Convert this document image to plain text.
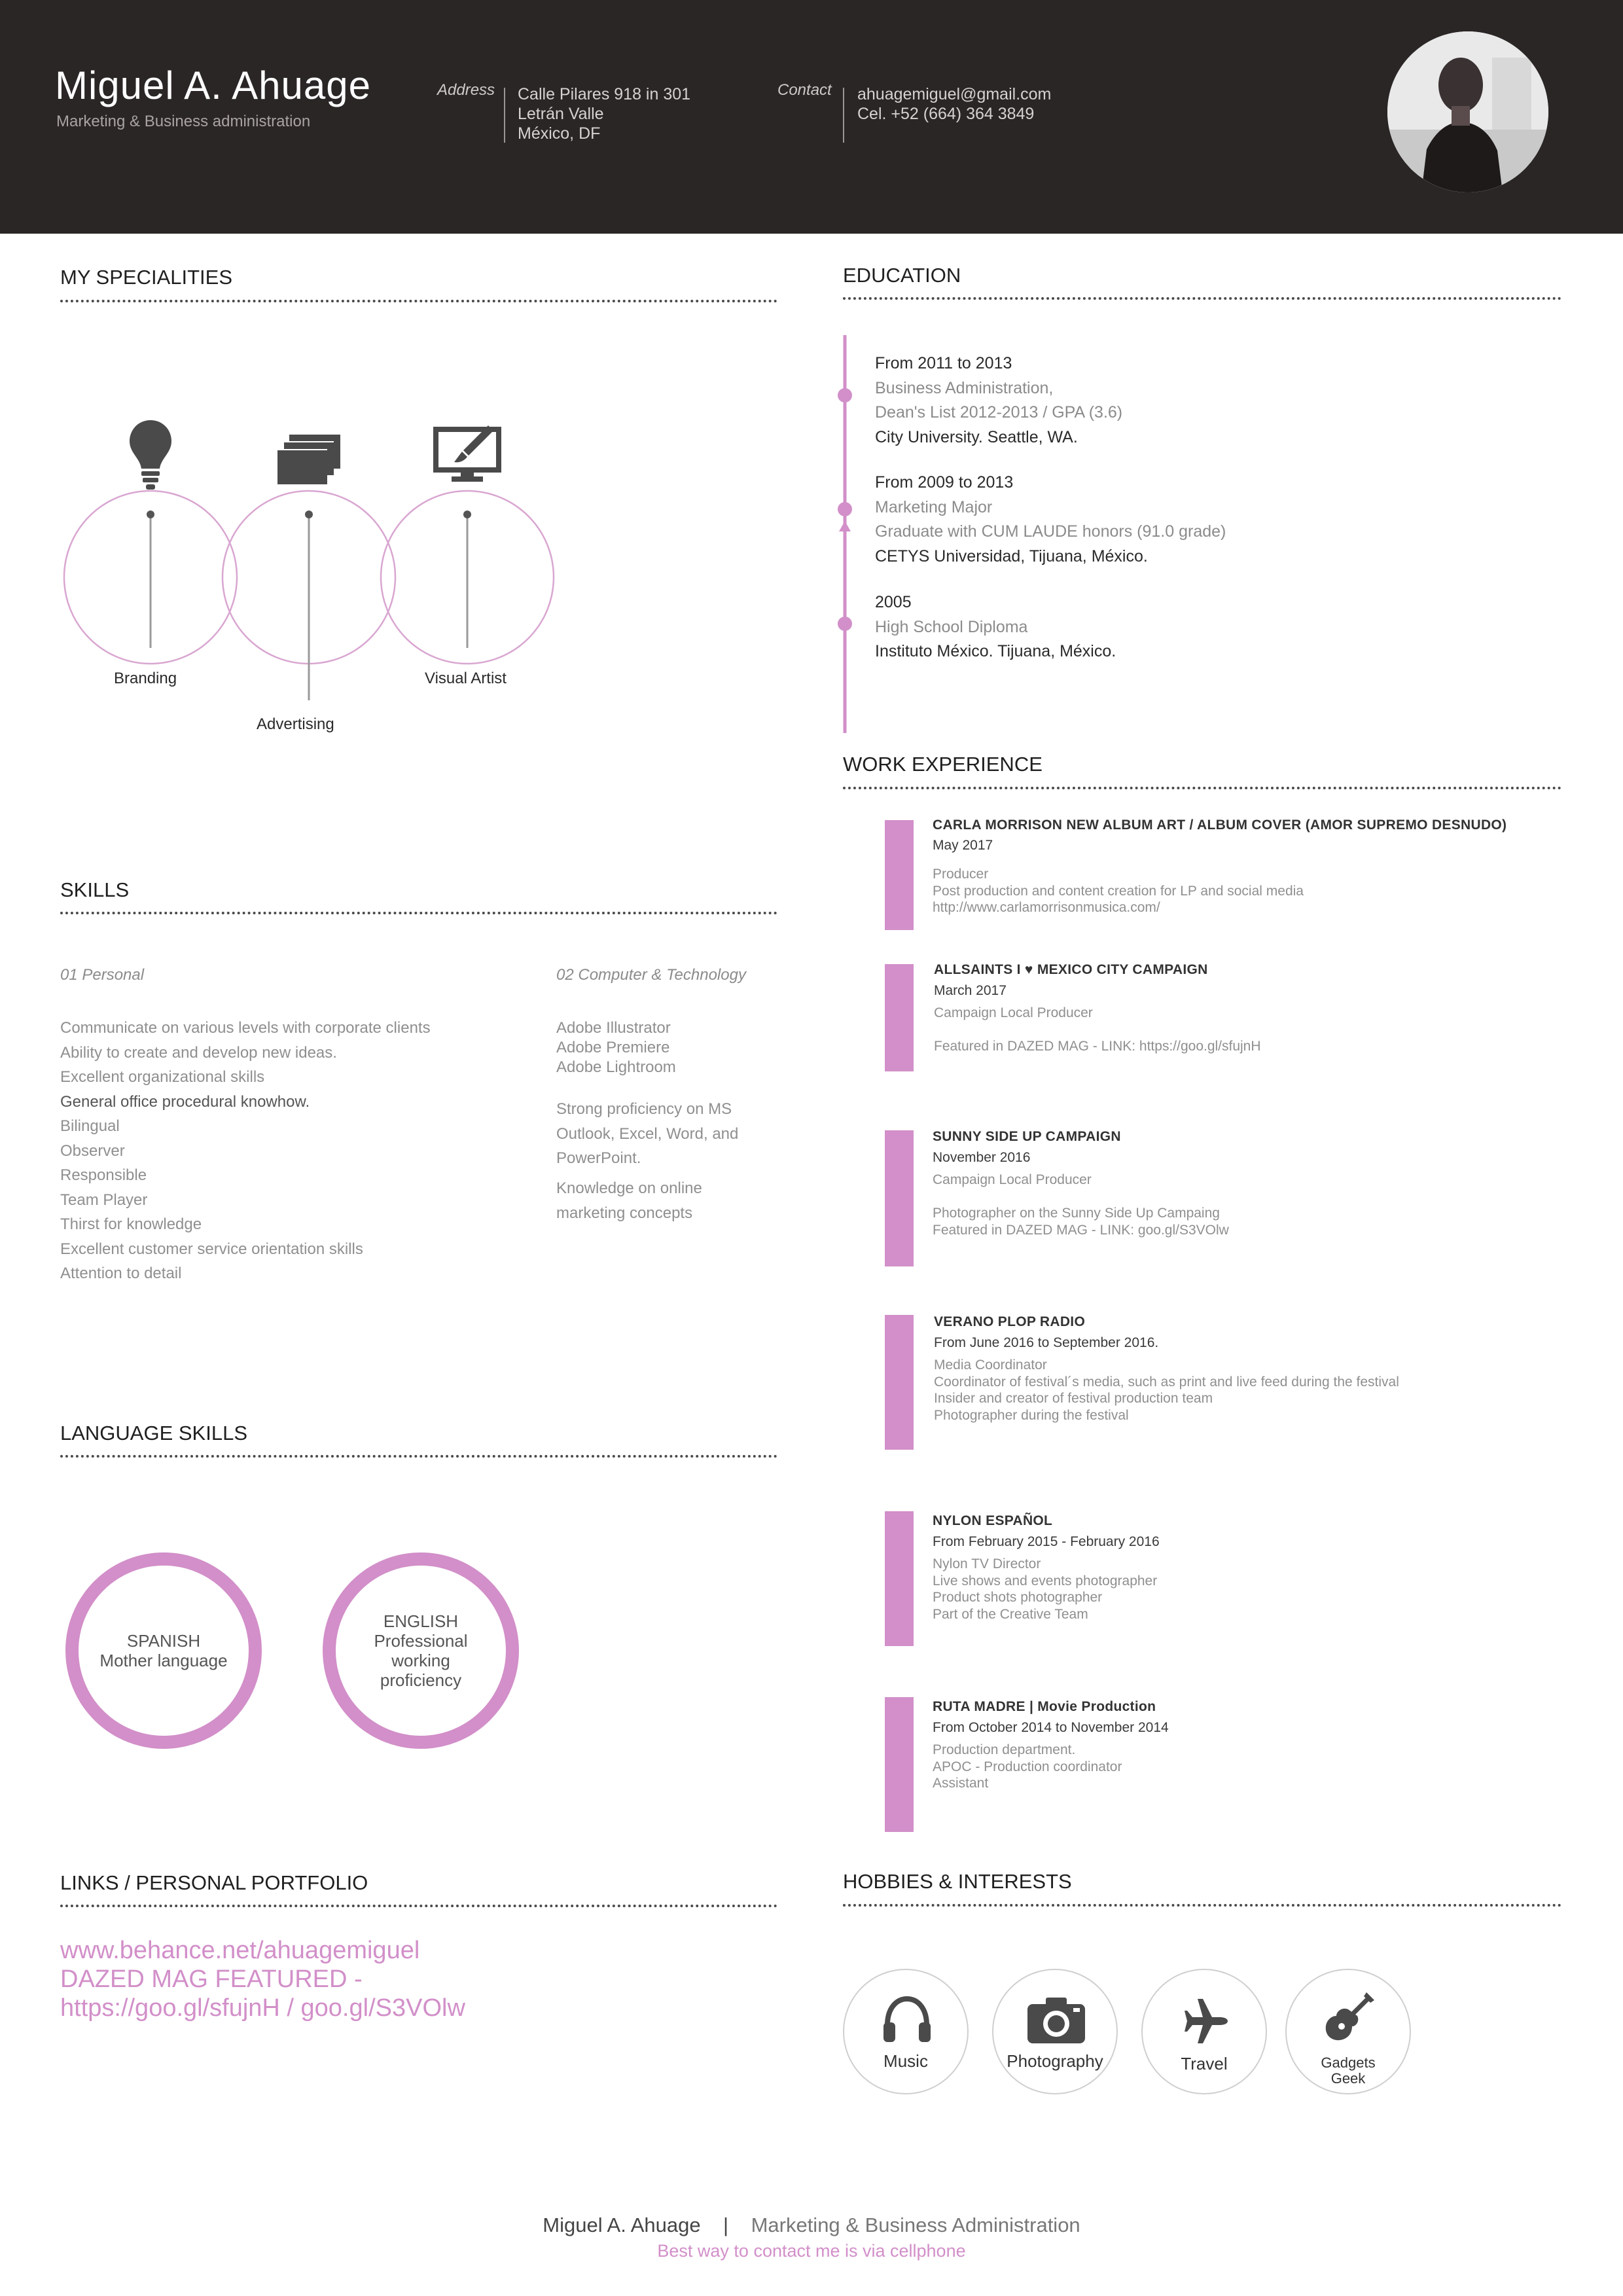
Miguel A. Ahuage
Marketing & Business administration
Address Calle Pilares 918 in 301
Letrán Valle
México, DF
Contact ahuagemiguel@gmail.com
Cel. +52 (664) 364 3849
MY SPECIALITIES
Branding
Advertising
Visual Artist
EDUCATION
From 2011 to 2013
Business Administration,
Dean's List 2012-2013 / GPA (3.6)
City University. Seattle, WA.
From 2009 to 2013
Marketing Major
Graduate with CUM LAUDE honors (91.0 grade)
CETYS Universidad, Tijuana, México.
2005
High School Diploma
Instituto México. Tijuana, México.
WORK EXPERIENCE
CARLA MORRISON NEW ALBUM ART / ALBUM COVER (AMOR SUPREMO DESNUDO)
May 2017
Producer
Post production and content creation for LP and social media
http://www.carlamorrisonmusica.com/
ALLSAINTS I ♥ MEXICO CITY CAMPAIGN
March 2017
Campaign Local Producer
Featured in DAZED MAG - LINK: https://goo.gl/sfujnH
SUNNY SIDE UP CAMPAIGN
November 2016
Campaign Local Producer
Photographer on the Sunny Side Up Campaing
Featured in DAZED MAG - LINK: goo.gl/S3VOlw
VERANO PLOP RADIO
From June 2016 to September 2016.
Media Coordinator
Coordinator of festival´s media, such as print and live feed during the festival
Insider and creator of festival production team
Photographer during the festival
NYLON ESPAÑOL
From February 2015 - February 2016
Nylon TV Director
Live shows and events photographer
Product shots photographer
Part of the Creative Team
RUTA MADRE | Movie Production
From October 2014 to November 2014
Production department.
APOC - Production coordinator
Assistant
SKILLS
01 Personal
Communicate on various levels with corporate clients
Ability to create and develop new ideas.
Excellent organizational skills
General office procedural knowhow.
Bilingual
Observer
Responsible
Team Player
Thirst for knowledge
Excellent customer service orientation skills
Attention to detail
02 Computer & Technology
Adobe Illustrator
Adobe Premiere
Adobe Lightroom
Strong proficiency on MS
Outlook, Excel, Word, and
PowerPoint.
Knowledge on online
marketing concepts
LANGUAGE SKILLS
SPANISH
Mother language
ENGLISH
Professional
working
proficiency
LINKS / PERSONAL PORTFOLIO
www.behance.net/ahuagemiguel
DAZED MAG FEATURED -
https://goo.gl/sfujnH / goo.gl/S3VOlw
HOBBIES & INTERESTS
Music	Photography	Travel	Gadgets
Geek
Miguel A. Ahuage | Marketing & Business Administration
Best way to contact me is via cellphone
